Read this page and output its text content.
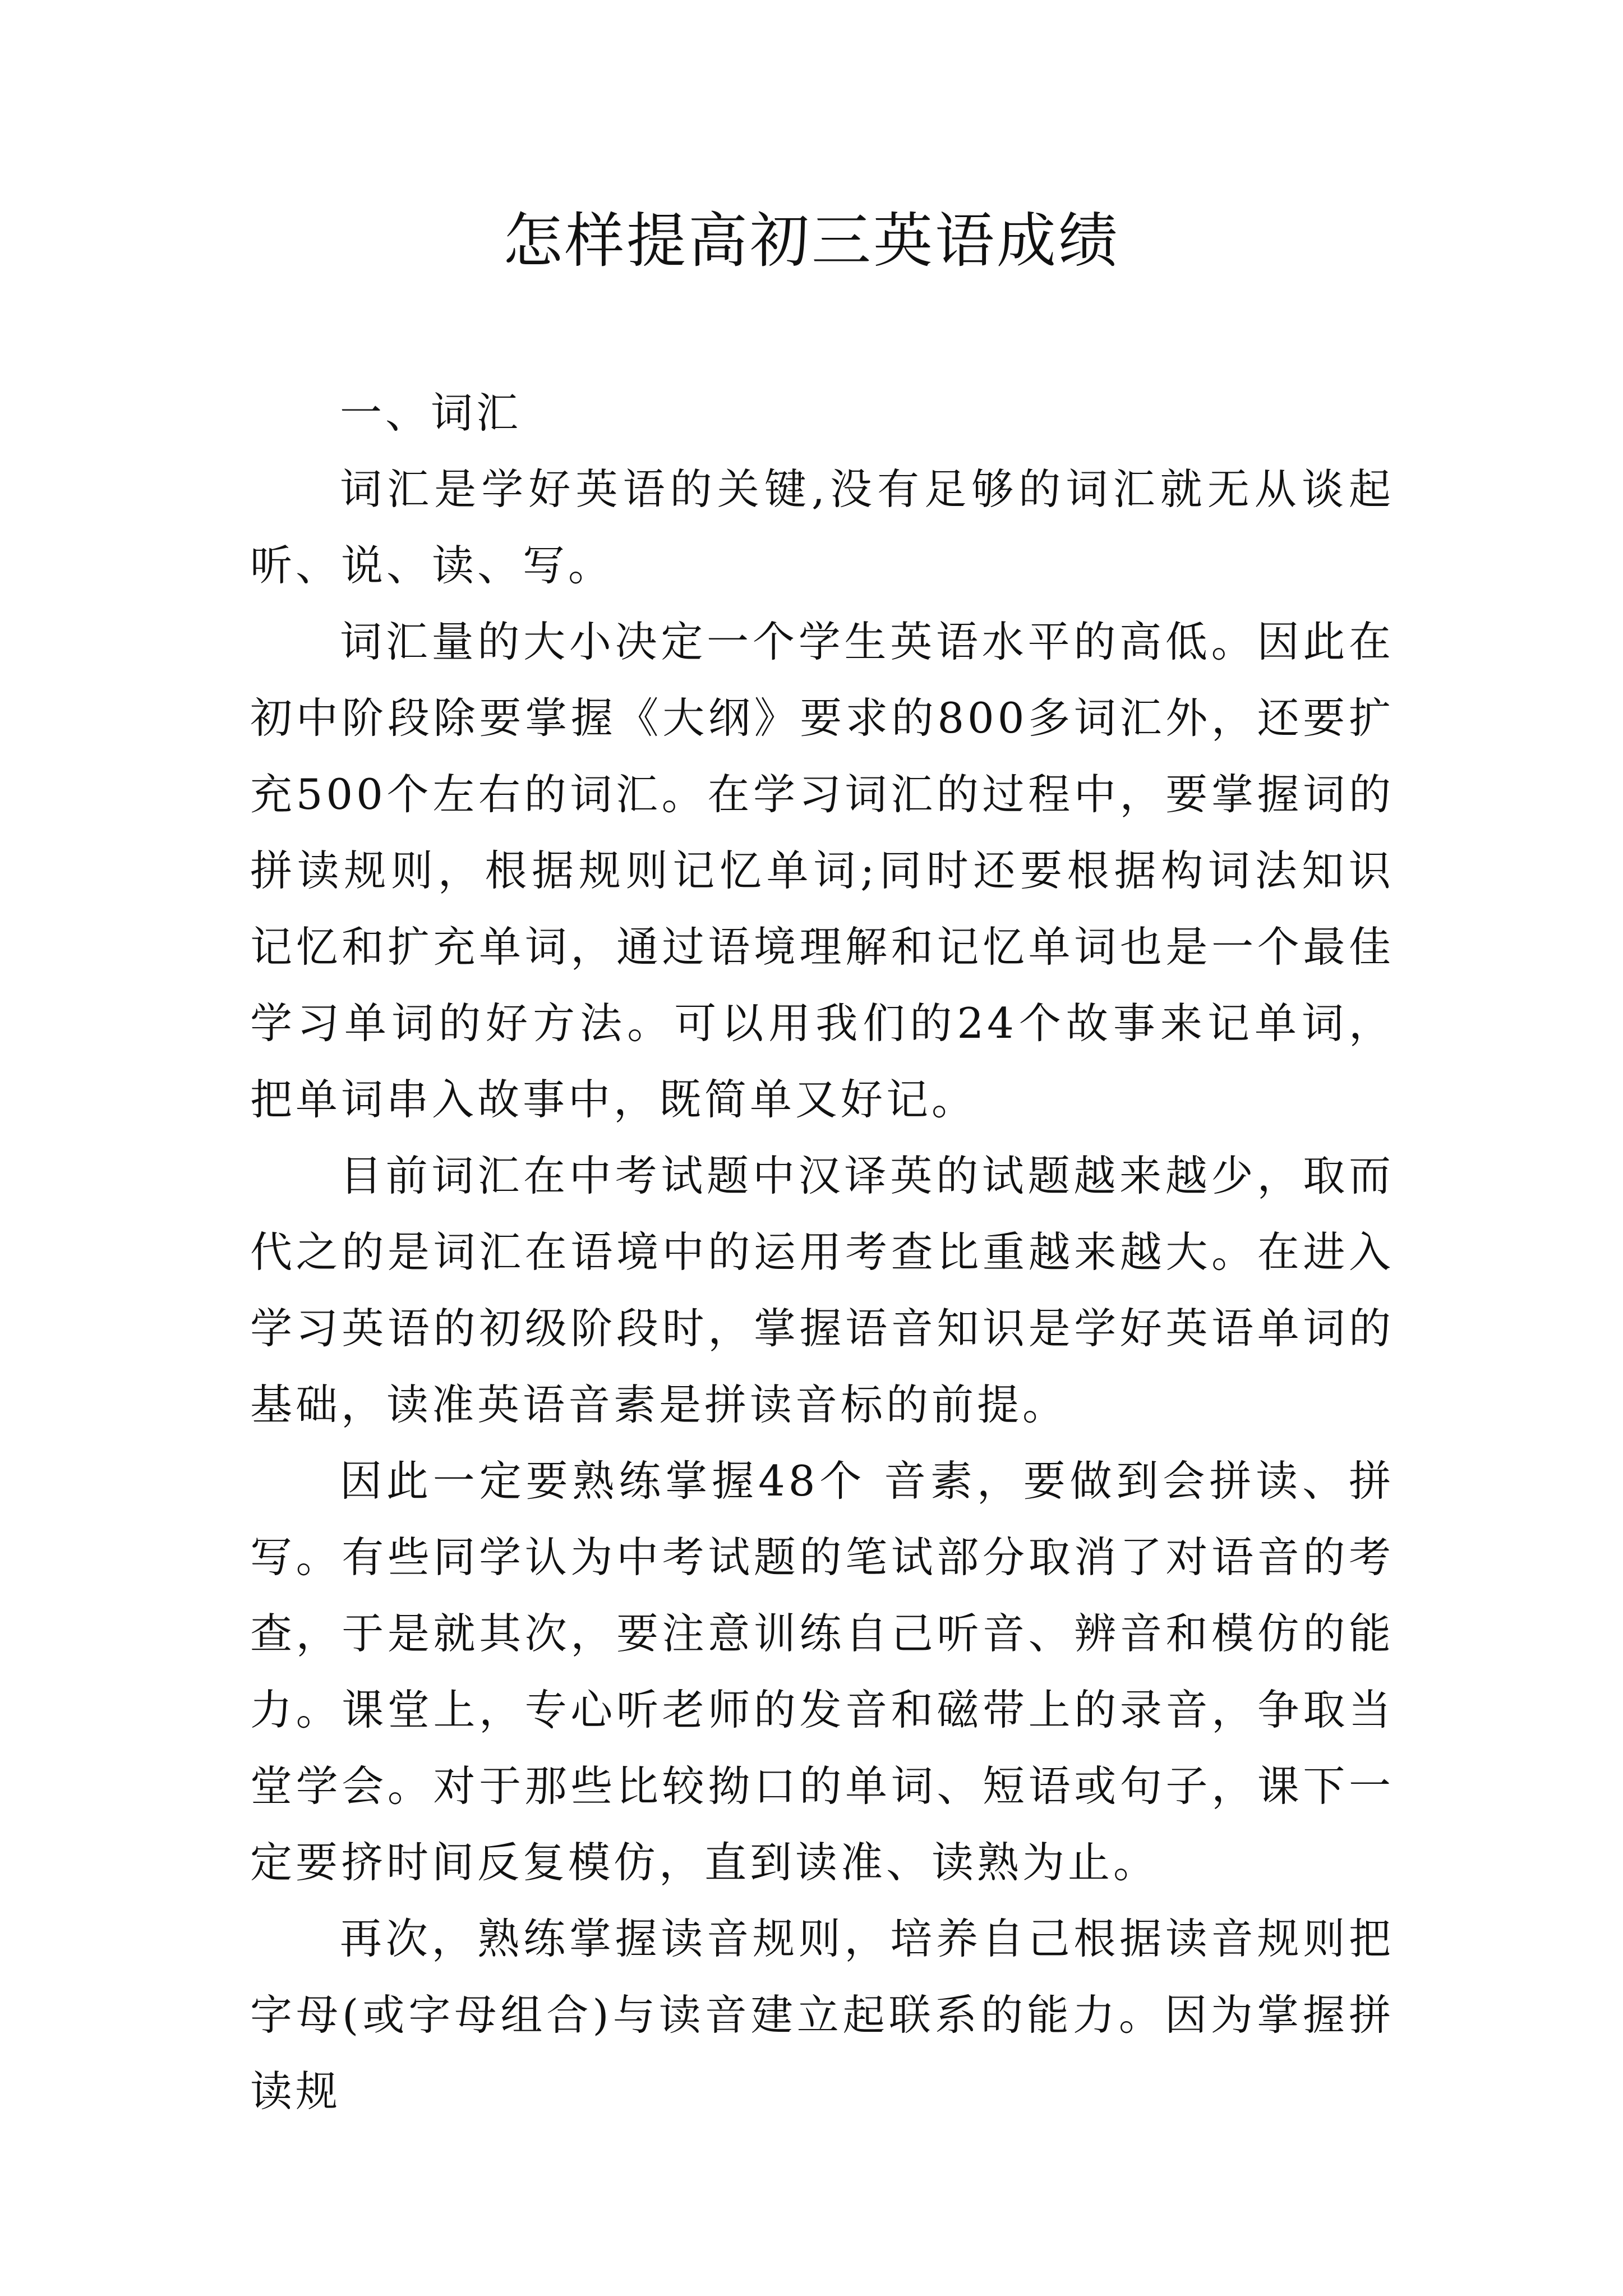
怎样提高初三英语成绩

一、词汇

词汇是学好英语的关键,没有足够的词汇就无从谈起听、说、读、写。

词汇量的大小决定一个学生英语水平的高低。因此在初中阶段除要掌握《大纲》要求的800多词汇外，还要扩充500个左右的词汇。在学习词汇的过程中，要掌握词的拼读规则，根据规则记忆单词;同时还要根据构词法知识记忆和扩充单词，通过语境理解和记忆单词也是一个最佳学习单词的好方法。可以用我们的24个故事来记单词，把单词串入故事中，既简单又好记。

目前词汇在中考试题中汉译英的试题越来越少，取而代之的是词汇在语境中的运用考查比重越来越大。在进入学习英语的初级阶段时，掌握语音知识是学好英语单词的基础，读准英语音素是拼读音标的前提。

因此一定要熟练掌握48个 音素，要做到会拼读、拼写。有些同学认为中考试题的笔试部分取消了对语音的考查，于是就其次，要注意训练自己听音、辨音和模仿的能力。课堂上，专心听老师的发音和磁带上的录音，争取当堂学会。对于那些比较拗口的单词、短语或句子，课下一定要挤时间反复模仿，直到读准、读熟为止。

再次，熟练掌握读音规则，培养自己根据读音规则把字母(或字母组合)与读音建立起联系的能力。因为掌握拼读规
